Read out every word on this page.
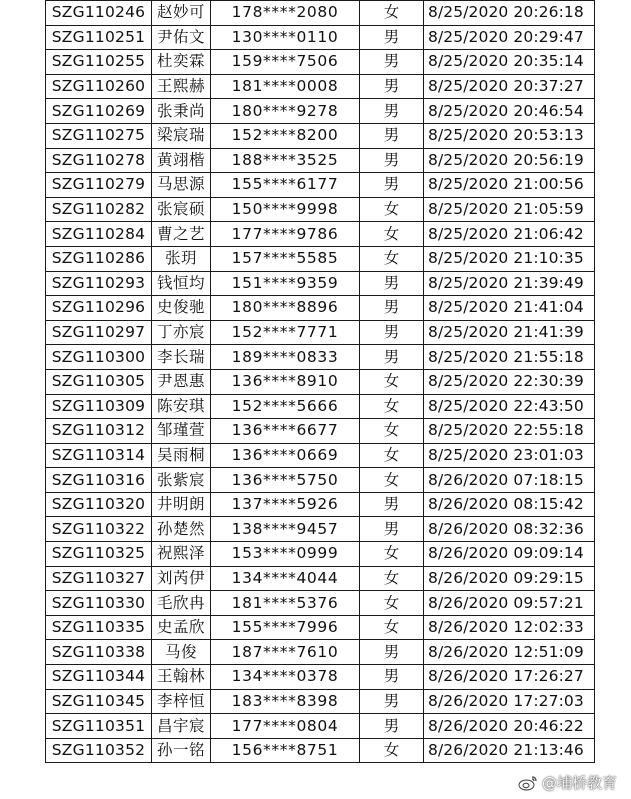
SZG110246	赵妙可	178****2080	女	8/25/2020 20:26:18
SZG110251	尹佑文	130****0110	男	8/25/2020 20:29:47
SZG110255	杜奕霖	159****7506	男	8/25/2020 20:35:14
SZG110260	王熙赫	181****0008	男	8/25/2020 20:37:27
SZG110269	张秉尚	180****9278	男	8/25/2020 20:46:54
SZG110275	梁宸瑞	152****8200	男	8/25/2020 20:53:13
SZG110278	黄翊楷	188****3525	男	8/25/2020 20:56:19
SZG110279	马思源	155****6177	男	8/25/2020 21:00:56
SZG110282	张宸硕	150****9998	女	8/25/2020 21:05:59
SZG110284	曹之艺	177****9786	女	8/25/2020 21:06:42
SZG110286	张玥	157****5585	女	8/25/2020 21:10:35
SZG110293	钱恒均	151****9359	男	8/25/2020 21:39:49
SZG110296	史俊驰	180****8896	男	8/25/2020 21:41:04
SZG110297	丁亦宸	152****7771	男	8/25/2020 21:41:39
SZG110300	李长瑞	189****0833	男	8/25/2020 21:55:18
SZG110305	尹恩惠	136****8910	女	8/25/2020 22:30:39
SZG110309	陈安琪	152****5666	女	8/25/2020 22:43:50
SZG110312	邹瑾萱	136****6677	女	8/25/2020 22:55:18
SZG110314	吴雨桐	136****0669	女	8/25/2020 23:01:03
SZG110316	张紫宸	136****5750	女	8/26/2020 07:18:15
SZG110320	井明朗	137****5926	男	8/26/2020 08:15:42
SZG110322	孙楚然	138****9457	男	8/26/2020 08:32:36
SZG110325	祝熙泽	153****0999	女	8/26/2020 09:09:14
SZG110327	刘芮伊	134****4044	女	8/26/2020 09:29:15
SZG110330	毛欣冉	181****5376	女	8/26/2020 09:57:21
SZG110335	史孟欣	155****7996	女	8/26/2020 12:02:33
SZG110338	马俊	187****7610	男	8/26/2020 12:51:09
SZG110344	王翰林	134****0378	男	8/26/2020 17:26:27
SZG110345	李梓恒	183****8398	男	8/26/2020 17:27:03
SZG110351	昌宇宸	177****0804	男	8/26/2020 20:46:22
SZG110352	孙一铭	156****8751	女	8/26/2020 21:13:46
@埔桥教育
